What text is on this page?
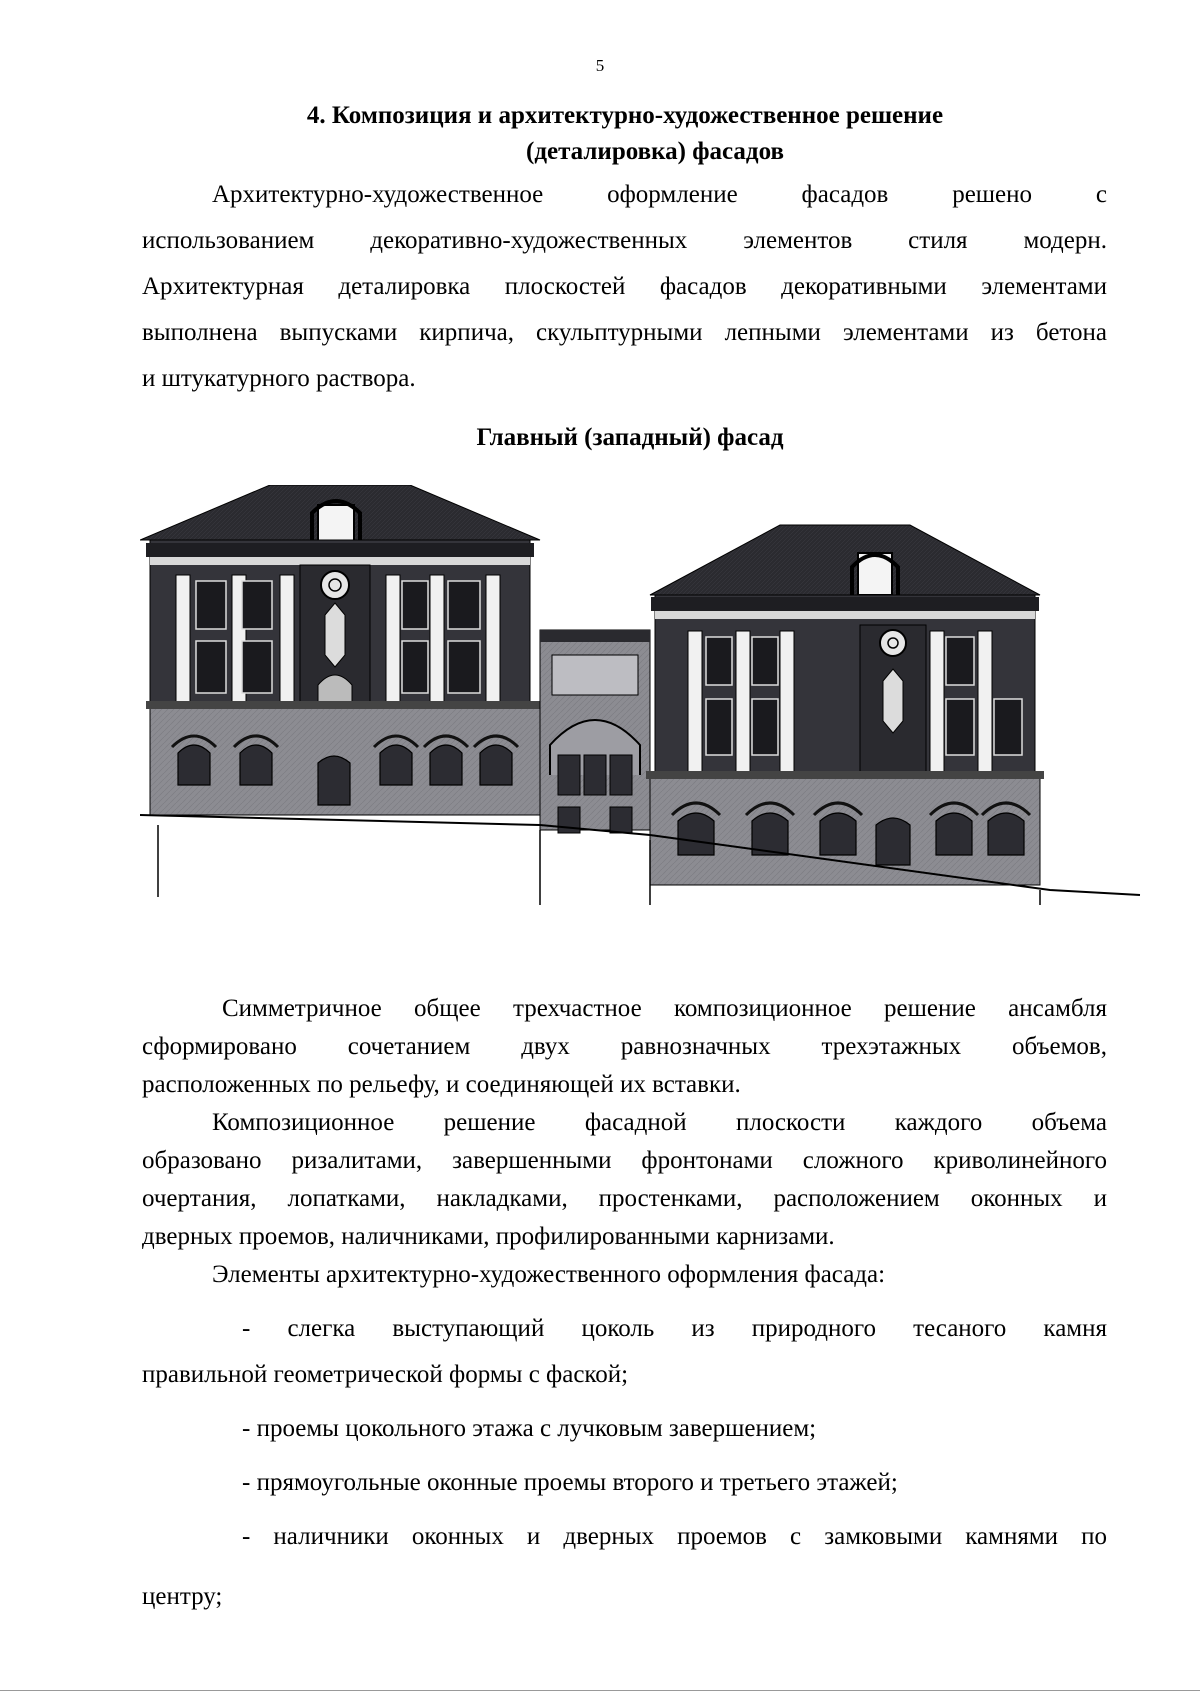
5
4. Композиция и архитектурно-художественное решение
(деталировка) фасадов
Архитектурно-художественное оформление фасадов решено с
использованием декоративно-художественных элементов стиля модерн.
Архитектурная деталировка плоскостей фасадов декоративными элементами
выполнена выпусками кирпича, скульптурными лепными элементами из бетона
и штукатурного раствора.
Главный (западный) фасад
Симметричное общее трехчастное композиционное решение ансамбля
сформировано сочетанием двух равнозначных трехэтажных объемов,
расположенных по рельефу, и соединяющей их вставки.
Композиционное решение фасадной плоскости каждого объема
образовано ризалитами, завершенными фронтонами сложного криволинейного
очертания, лопатками, накладками, простенками, расположением оконных и
дверных проемов, наличниками, профилированными карнизами.
Элементы архитектурно-художественного оформления фасада:
- слегка выступающий цоколь из природного тесаного камня
правильной геометрической формы с фаской;
- проемы цокольного этажа с лучковым завершением;
- прямоугольные оконные проемы второго и третьего этажей;
- наличники оконных и дверных проемов с замковыми камнями по
центру;
